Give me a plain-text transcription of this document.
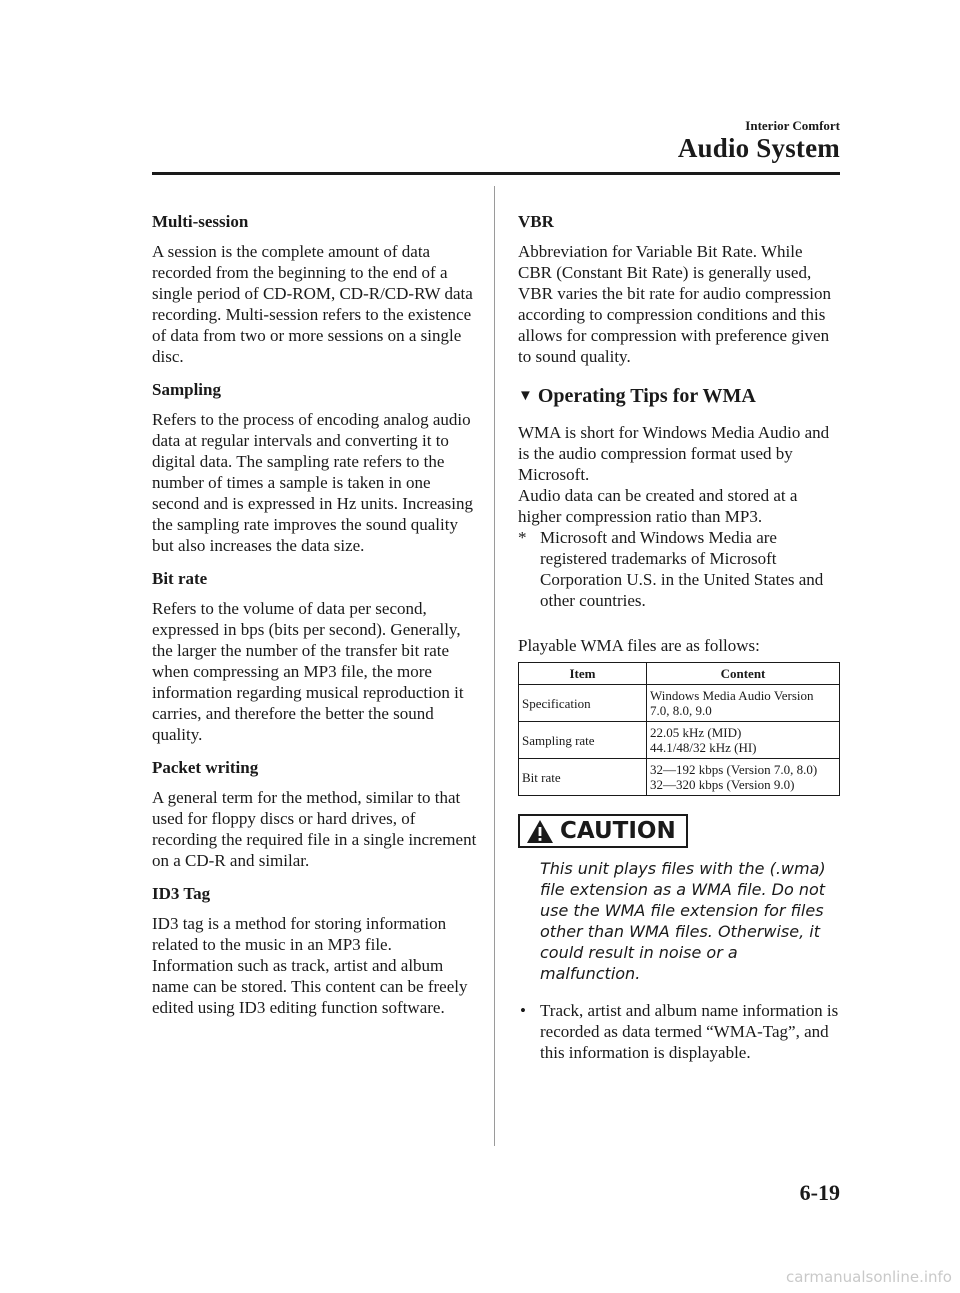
Interior Comfort
Audio System
Multi-session
A session is the complete amount of data recorded from the beginning to the end of a single period of CD-ROM, CD-R/CD-RW data recording. Multi-session refers to the existence of data from two or more sessions on a single disc.
Sampling
Refers to the process of encoding analog audio data at regular intervals and converting it to digital data. The sampling rate refers to the number of times a sample is taken in one second and is expressed in Hz units. Increasing the sampling rate improves the sound quality but also increases the data size.
Bit rate
Refers to the volume of data per second, expressed in bps (bits per second). Generally, the larger the number of the transfer bit rate when compressing an MP3 file, the more information regarding musical reproduction it carries, and therefore the better the sound quality.
Packet writing
A general term for the method, similar to that used for floppy discs or hard drives, of recording the required file in a single increment on a CD-R and similar.
ID3 Tag
ID3 tag is a method for storing information related to the music in an MP3 file. Information such as track, artist and album name can be stored. This content can be freely edited using ID3 editing function software.
VBR
Abbreviation for Variable Bit Rate. While CBR (Constant Bit Rate) is generally used, VBR varies the bit rate for audio compression according to compression conditions and this allows for compression with preference given to sound quality.
▼ Operating Tips for WMA
WMA is short for Windows Media Audio and is the audio compression format used by Microsoft.
Audio data can be created and stored at a higher compression ratio than MP3.
* Microsoft and Windows Media are registered trademarks of Microsoft Corporation U.S. in the United States and other countries.
Playable WMA files are as follows:
Item	Content
Specification	Windows Media Audio Version
7.0, 8.0, 9.0

Sampling rate	22.05 kHz (MID)
44.1/48/32 kHz (HI)

Bit rate	32―192 kbps (Version 7.0, 8.0)
32―320 kbps (Version 9.0)
CAUTION
This unit plays files with the (.wma) file extension as a WMA file. Do not use the WMA file extension for files other than WMA files. Otherwise, it could result in noise or a malfunction.
• Track, artist and album name information is recorded as data termed “WMA-Tag”, and this information is displayable.
6-19
carmanualsonline.info
